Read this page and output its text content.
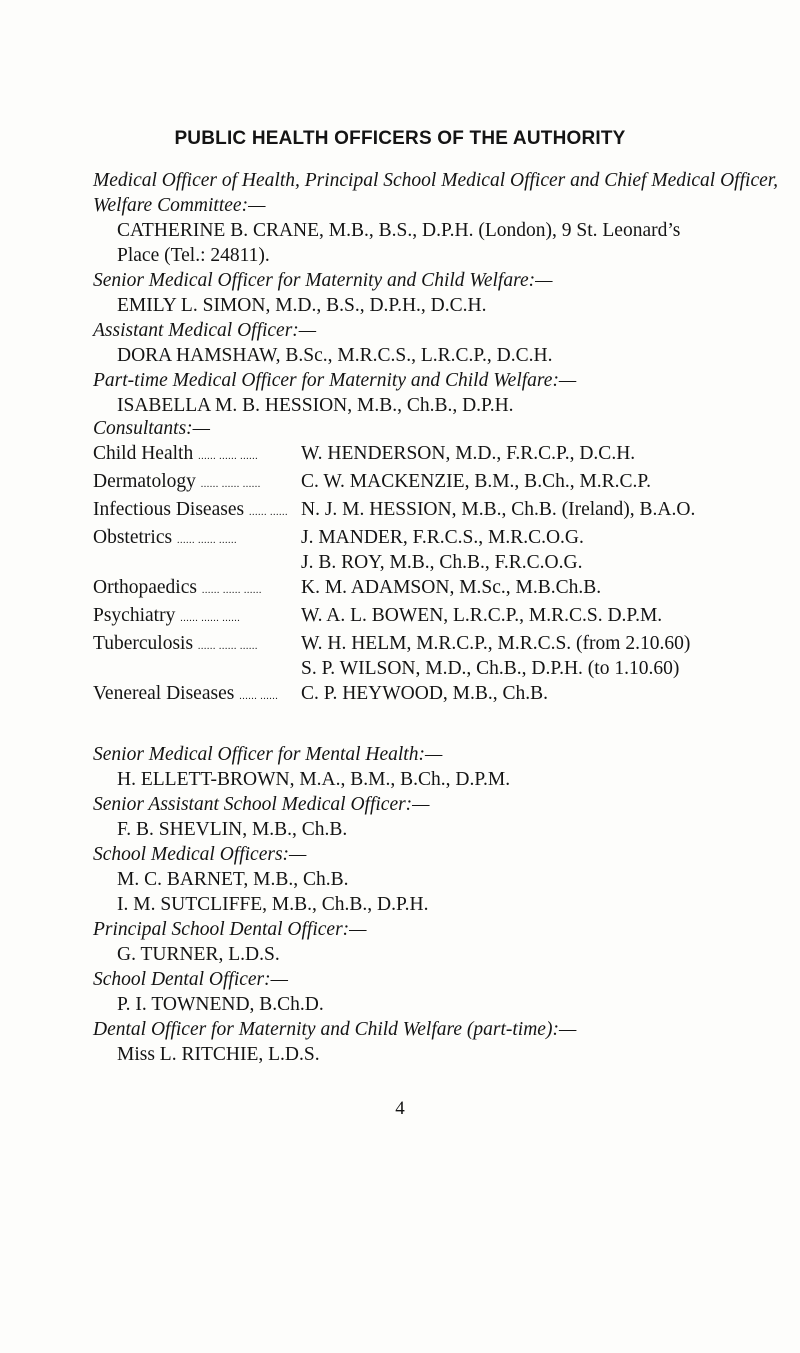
PUBLIC HEALTH OFFICERS OF THE AUTHORITY
Medical Officer of Health, Principal School Medical Officer and Chief Medical Officer, Welfare Committee:—
CATHERINE B. CRANE, M.B., B.S., D.P.H. (London), 9 St. Leonard’s
Place (Tel.: 24811).
Senior Medical Officer for Maternity and Child Welfare:—
EMILY L. SIMON, M.D., B.S., D.P.H., D.C.H.
Assistant Medical Officer:—
DORA HAMSHAW, B.Sc., M.R.C.S., L.R.C.P., D.C.H.
Part-time Medical Officer for Maternity and Child Welfare:—
ISABELLA M. B. HESSION, M.B., Ch.B., D.P.H.
Consultants:—
Child Health ...... ...... ......	W. HENDERSON, M.D., F.R.C.P., D.C.H.
Dermatology ...... ...... ......	C. W. MACKENZIE, B.M., B.Ch., M.R.C.P.
Infectious Diseases ...... ...... N. J. M. HESSION, M.B., Ch.B. (Ireland), B.A.O.
Obstetrics ...... ...... ......	J. MANDER, F.R.C.S., M.R.C.O.G.
J. B. ROY, M.B., Ch.B., F.R.C.O.G.
Orthopaedics ...... ...... ......	K. M. ADAMSON, M.Sc., M.B.Ch.B.
Psychiatry ...... ...... ......	W. A. L. BOWEN, L.R.C.P., M.R.C.S. D.P.M.
Tuberculosis ...... ...... ......	W. H. HELM, M.R.C.P., M.R.C.S. (from 2.10.60)
S. P. WILSON, M.D., Ch.B., D.P.H. (to 1.10.60)
Venereal Diseases ...... ......	C. P. HEYWOOD, M.B., Ch.B.
Senior Medical Officer for Mental Health:—
H. ELLETT-BROWN, M.A., B.M., B.Ch., D.P.M.
Senior Assistant School Medical Officer:—
F. B. SHEVLIN, M.B., Ch.B.
School Medical Officers:—
M. C. BARNET, M.B., Ch.B.
I. M. SUTCLIFFE, M.B., Ch.B., D.P.H.
Principal School Dental Officer:—
G. TURNER, L.D.S.
School Dental Officer:—
P. I. TOWNEND, B.Ch.D.
Dental Officer for Maternity and Child Welfare (part-time):—
Miss L. RITCHIE, L.D.S.
4
